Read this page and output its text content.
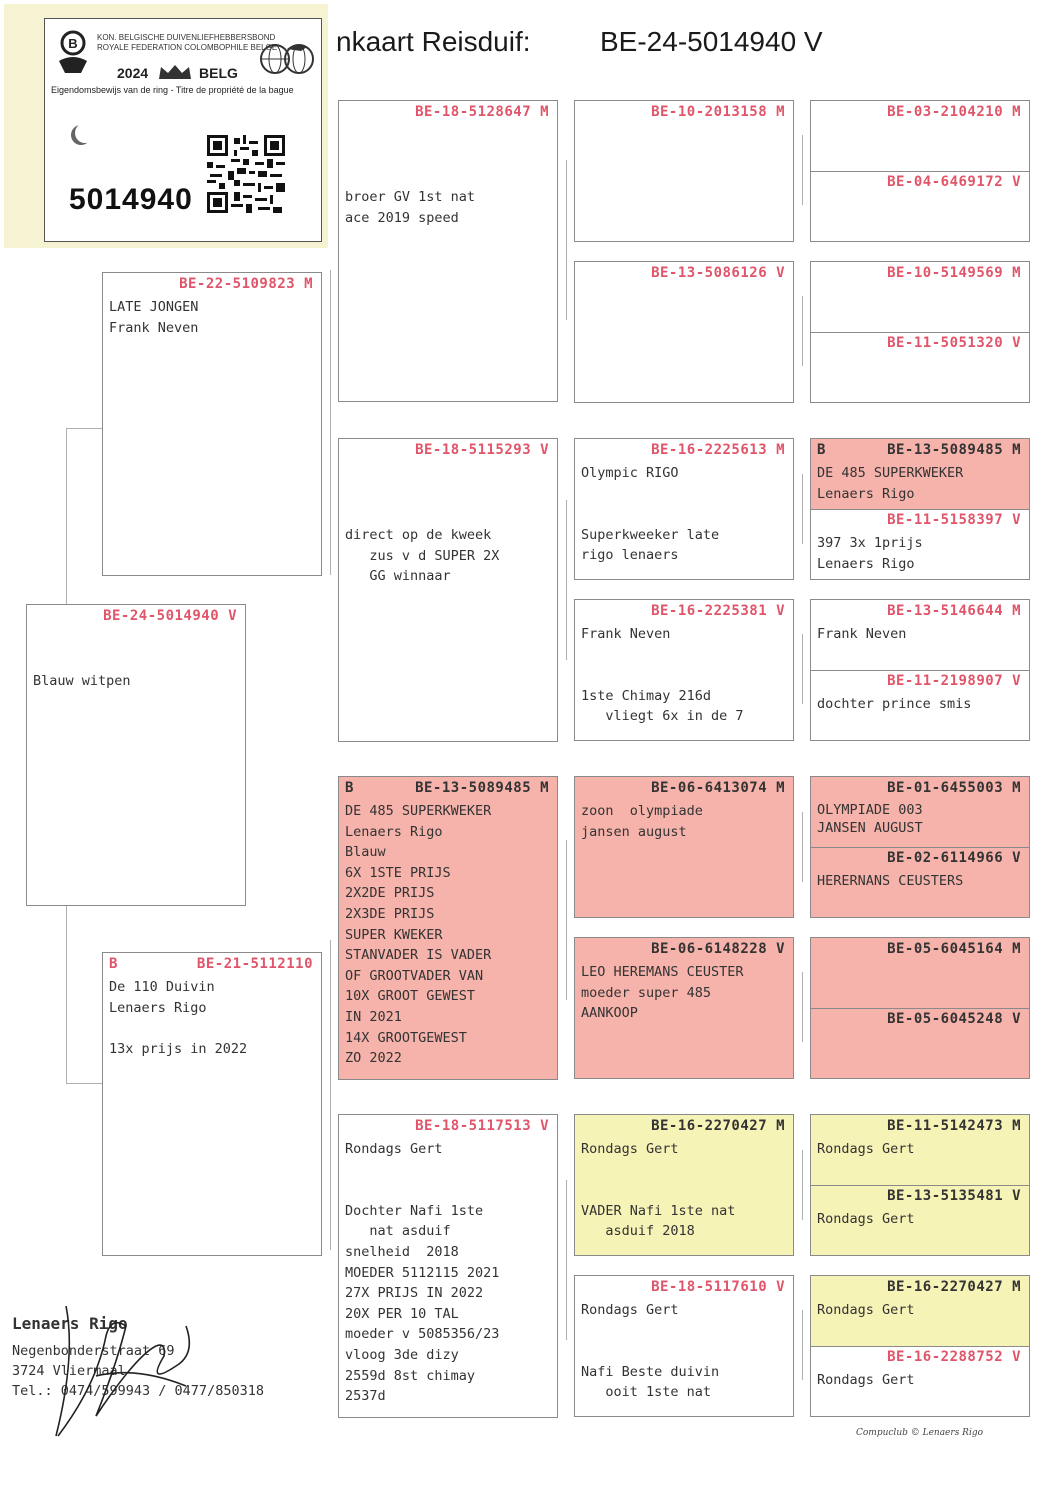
nkaart Reisduif: BE-24-5014940 V
B KON. BELGISCHE DUIVENLIEFHEBBERSBOND
ROYALE FEDERATION COLOMBOPHILE BELGE
2024	BELG
Eigendomsbewijs van de ring - Titre de propriété de la bague
5014940
BE-24-5014940 V
Blauw witpen
BE-22-5109823 M
LATE JONGEN
Frank Neven
B	BE-21-5112110
De 110 Duivin
Lenaers Rigo

13x prijs in 2022
BE-18-5128647 M
broer GV 1st nat
ace 2019 speed
BE-18-5115293 V
direct op de kweek
zus v d SUPER 2X
GG winnaar
B	BE-13-5089485 M
DE 485 SUPERKWEKER
Lenaers Rigo
Blauw
6X 1STE PRIJS
2X2DE PRIJS
2X3DE PRIJS
SUPER KWEKER
STANVADER IS VADER
OF GROOTVADER VAN
10X GROOT GEWEST
IN 2021
14X GROOTGEWEST
ZO 2022
BE-18-5117513 V
Rondags Gert

Dochter Nafi 1ste
nat asduif
snelheid  2018
MOEDER 5112115 2021
27X PRIJS IN 2022
20X PER 10 TAL
moeder v 5085356/23
vloog 3de dizy
2559d 8st chimay
2537d
BE-10-2013158 M
BE-13-5086126 V
BE-16-2225613 M
Olympic RIGO

Superkweeker late
rigo lenaers
BE-16-2225381 V
Frank Neven

1ste Chimay 216d
vliegt 6x in de 7
BE-06-6413074 M
zoon  olympiade
jansen august
BE-06-6148228 V
LEO HEREMANS CEUSTER
moeder super 485
AANKOOP
BE-16-2270427 M
Rondags Gert

VADER Nafi 1ste nat
asduif 2018
BE-18-5117610 V
Rondags Gert

Nafi Beste duivin
ooit 1ste nat
BE-03-2104210 M
BE-04-6469172 V
BE-10-5149569 M
BE-11-5051320 V
B	BE-13-5089485 M
DE 485 SUPERKWEKER
Lenaers Rigo
BE-11-5158397 V
397 3x 1prijs
Lenaers Rigo
BE-13-5146644 M
Frank Neven
BE-11-2198907 V
dochter prince smis
BE-01-6455003 M
OLYMPIADE 003
JANSEN AUGUST
BE-02-6114966 V
HERERNANS CEUSTERS
BE-05-6045164 M
BE-05-6045248 V
BE-11-5142473 M
Rondags Gert
BE-13-5135481 V
Rondags Gert
BE-16-2270427 M
Rondags Gert
BE-16-2288752 V
Rondags Gert
Lenaers Rigo
Negenbonderstraat 69
3724 Vliermaal
Tel.: 0474/599943 / 0477/850318
Compuclub © Lenaers Rigo
